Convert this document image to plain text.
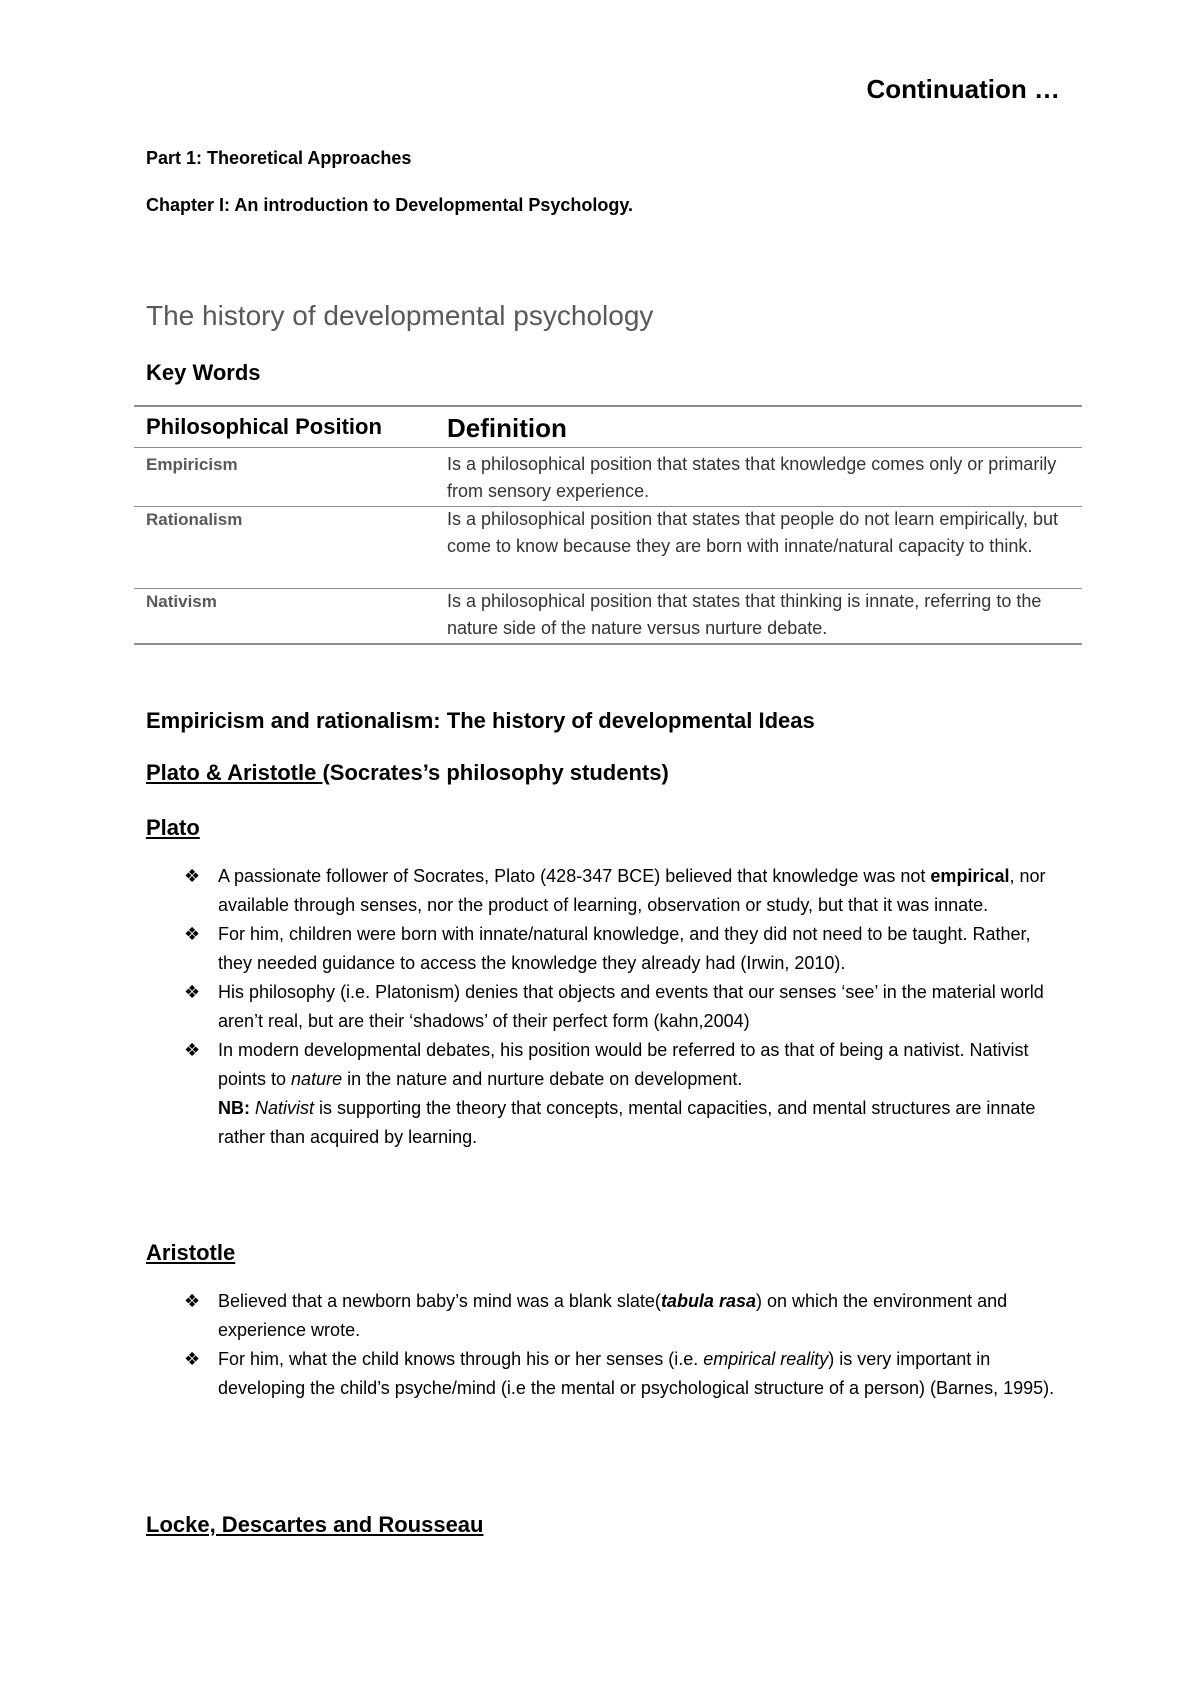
Continuation …
Part 1: Theoretical Approaches
Chapter I: An introduction to Developmental Psychology.
The history of developmental psychology
Key Words
Philosophical Position	Definition
Empiricism	Is a philosophical position that states that knowledge comes only or primarily from sensory experience.
Rationalism	Is a philosophical position that states that people do not learn empirically, but come to know because they are born with innate/natural capacity to think.
Nativism	Is a philosophical position that states that thinking is innate, referring to the nature side of the nature versus nurture debate.
Empiricism and rationalism: The history of developmental Ideas
Plato & Aristotle (Socrates’s philosophy students)
Plato
❖ A passionate follower of Socrates, Plato (428-347 BCE) believed that knowledge was not empirical, nor available through senses, nor the product of learning, observation or study, but that it was innate.
❖ For him, children were born with innate/natural knowledge, and they did not need to be taught. Rather, they needed guidance to access the knowledge they already had (Irwin, 2010).
❖ His philosophy (i.e. Platonism) denies that objects and events that our senses ‘see’ in the material world aren’t real, but are their ‘shadows’ of their perfect form (kahn,2004)
❖ In modern developmental debates, his position would be referred to as that of being a nativist. Nativist points to nature in the nature and nurture debate on development.
NB: Nativist is supporting the theory that concepts, mental capacities, and mental structures are innate rather than acquired by learning.
Aristotle
❖ Believed that a newborn baby’s mind was a blank slate(tabula rasa) on which the environment and experience wrote.
❖ For him, what the child knows through his or her senses (i.e. empirical reality) is very important in developing the child’s psyche/mind (i.e the mental or psychological structure of a person) (Barnes, 1995).
Locke, Descartes and Rousseau
